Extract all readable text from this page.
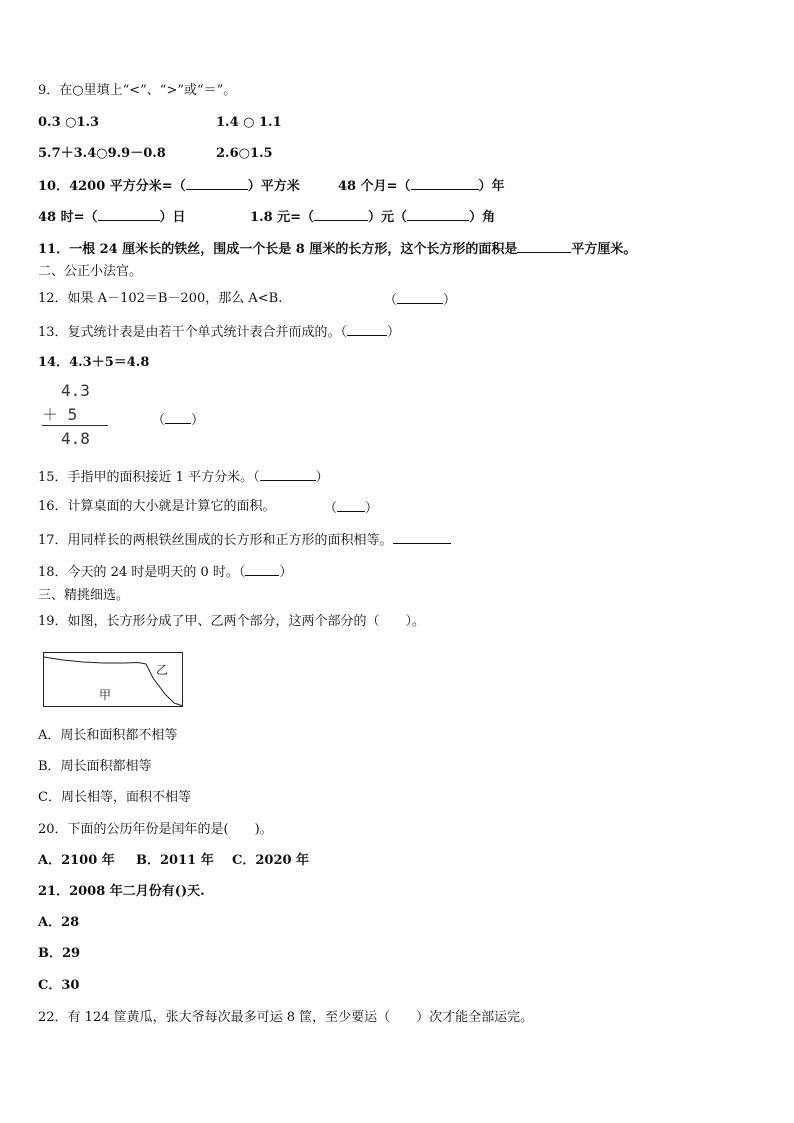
9．在○里填上“<”、“>”或“＝”。
0.3 ○1.3	1.4 ○ 1.1
5.7＋3.4○9.9－0.8	2.6○1.5
10．4200 平方分米=（	）平方米	48 个月=（	）年
48 时=（	）日	1.8 元=（	）元（	）角
11．一根 24 厘米长的铁丝，围成一个长是 8 厘米的长方形，这个长方形的面积是	平方厘米。
二、公正小法官。
12．如果 A－102＝B－200，那么 A<B.	（	）
13．复式统计表是由若干个单式统计表合并而成的。（	）
14．4.3＋5＝4.8
4.3
＋ 5
4.8
（ ）
15．手指甲的面积接近 1 平方分米。（	）
16．计算桌面的大小就是计算它的面积。	（ ）
17．用同样长的两根铁丝围成的长方形和正方形的面积相等。
18．今天的 24 时是明天的 0 时。（	）
三、精挑细选。
19．如图，长方形分成了甲、乙两个部分，这两个部分的（　　）。
甲
乙
A．周长和面积都不相等
B．周长面积都相等
C．周长相等，面积不相等
20．下面的公历年份是闰年的是(　　)。
A．2100 年 B．2011 年 C．2020 年
21．2008 年二月份有()天.
A．28
B．29
C．30
22．有 124 筐黄瓜，张大爷每次最多可运 8 筐，至少要运（　　）次才能全部运完。
